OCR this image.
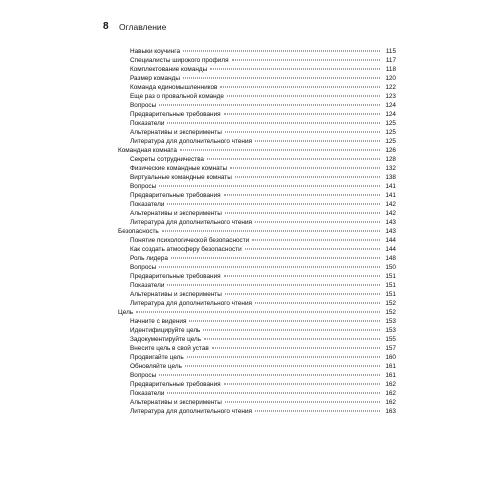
8 Оглавление
Навыки коучинга	115
Специалисты широкого профиля	117
Комплектование команды	118
Размер команды	120
Команда единомышленников	122
Еще раз о провальной команде	123
Вопросы	124
Предварительные требования	124
Показатели	125
Альтернативы и эксперименты	125
Литература для дополнительного чтения	125
Командная комната	126
Секреты сотрудничества	128
Физические командные комнаты	132
Виртуальные командные комнаты	138
Вопросы	141
Предварительные требования	141
Показатели	142
Альтернативы и эксперименты	142
Литература для дополнительного чтения	143
Безопасность	143
Понятие психологической безопасности	144
Как создать атмосферу безопасности	144
Роль лидера	148
Вопросы	150
Предварительные требования	151
Показатели	151
Альтернативы и эксперименты	151
Литература для дополнительного чтения	152
Цель	152
Начните с видения	153
Идентифицируйте цель	153
Задокументируйте цель	155
Внесите цель в свой устав	157
Продвигайте цель	160
Обновляйте цель	161
Вопросы	161
Предварительные требования	162
Показатели	162
Альтернативы и эксперименты	162
Литература для дополнительного чтения	163
